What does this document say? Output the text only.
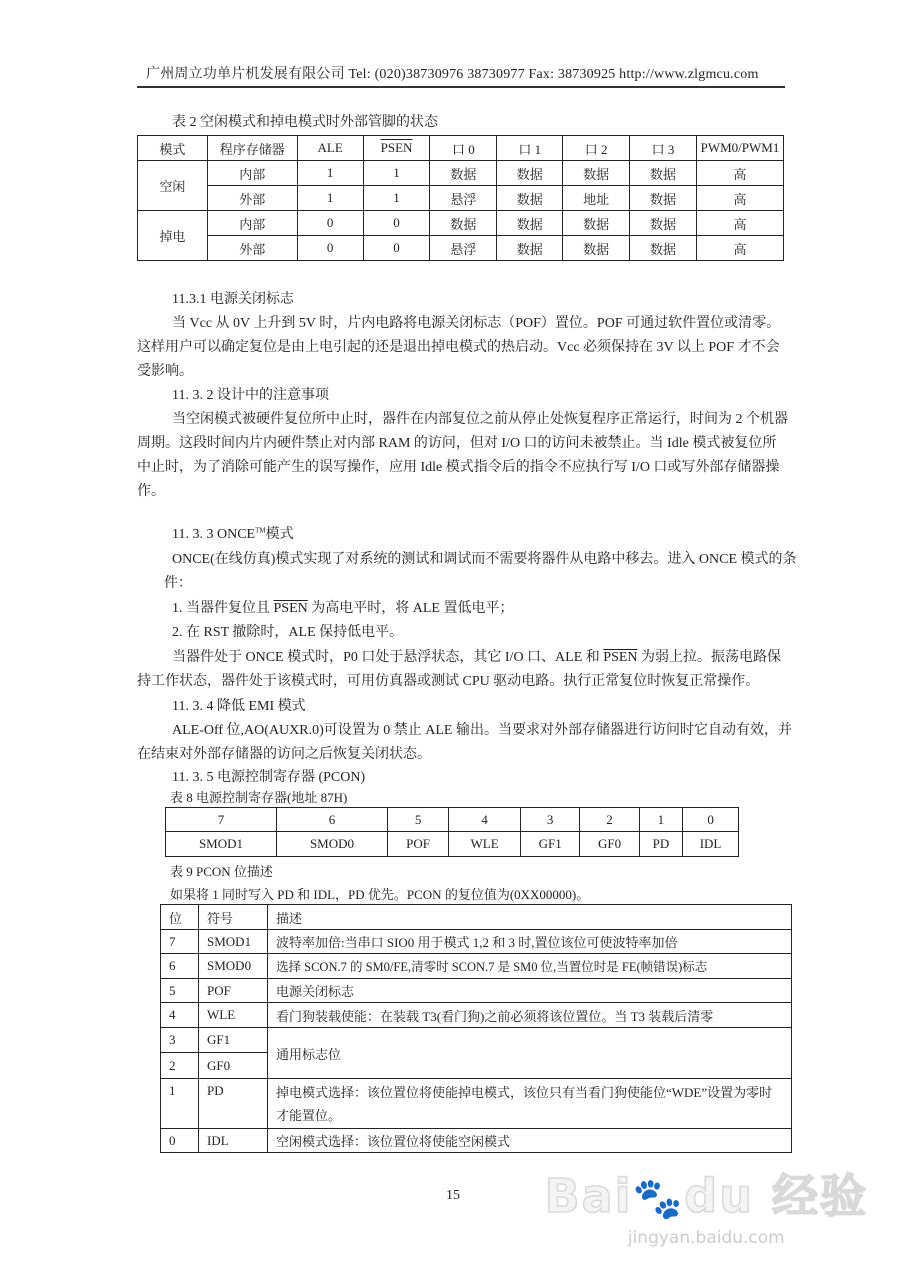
广州周立功单片机发展有限公司 Tel: (020)38730976 38730977 Fax: 38730925 http://www.zlgmcu.com
表 2 空闲模式和掉电模式时外部管脚的状态
模式	程序存储器	ALE	PSEN	口 0	口 1	口 2	口 3	PWM0/PWM1
空闲	内部	1	1	数据	数据	数据	数据	高
	外部	1	1	悬浮	数据	地址	数据	高
掉电	内部	0	0	数据	数据	数据	数据	高
	外部	0	0	悬浮	数据	数据	数据	高
11.3.1 电源关闭标志
当 Vcc 从 0V 上升到 5V 时，片内电路将电源关闭标志（POF）置位。POF 可通过软件置位或清零。
这样用户可以确定复位是由上电引起的还是退出掉电模式的热启动。Vcc 必须保持在 3V 以上 POF 才不会
受影响。
11. 3. 2 设计中的注意事项
当空闲模式被硬件复位所中止时，器件在内部复位之前从停止处恢复程序正常运行，时间为 2 个机器
周期。这段时间内片内硬件禁止对内部 RAM 的访问，但对 I/O 口的访问未被禁止。当 Idle 模式被复位所
中止时，为了消除可能产生的误写操作，应用 Idle 模式指令后的指令不应执行写 I/O 口或写外部存储器操
作。
11. 3. 3 ONCE™模式
ONCE(在线仿真)模式实现了对系统的测试和调试而不需要将器件从电路中移去。进入 ONCE 模式的条
件：
1. 当器件复位且 PSEN 为高电平时，将 ALE 置低电平；
2. 在 RST 撤除时，ALE 保持低电平。
当器件处于 ONCE 模式时，P0 口处于悬浮状态，其它 I/O 口、ALE 和 PSEN 为弱上拉。振荡电路保
持工作状态，器件处于该模式时，可用仿真器或测试 CPU 驱动电路。执行正常复位时恢复正常操作。
11. 3. 4 降低 EMI 模式
ALE-Off 位,AO(AUXR.0)可设置为 0 禁止 ALE 输出。当要求对外部存储器进行访问时它自动有效，并
在结束对外部存储器的访问之后恢复关闭状态。
11. 3. 5 电源控制寄存器 (PCON)
表 8 电源控制寄存器(地址 87H)
7	6	5	4	3	2	1	0
SMOD1	SMOD0	POF	WLE	GF1	GF0	PD	IDL
表 9 PCON 位描述
如果将 1 同时写入 PD 和 IDL，PD 优先。PCON 的复位值为(0XX00000)。
位	符号	描述
7	SMOD1	波特率加倍:当串口 SIO0 用于模式 1,2 和 3 时,置位该位可使波特率加倍
6	SMOD0	选择 SCON.7 的 SM0/FE,清零时 SCON.7 是 SM0 位,当置位时是 FE(帧错误)标志
5	POF	电源关闭标志
4	WLE	看门狗装载使能：在装载 T3(看门狗)之前必须将该位置位。当 T3 装载后清零
3	GF1	通用标志位
2	GF0	
1	PD	掉电模式选择：该位置位将使能掉电模式，该位只有当看门狗使能位“WDE”设置为零时才能置位。
0	IDL	空闲模式选择：该位置位将使能空闲模式
15 Bai🐾du 经验
jingyan.baidu.com
